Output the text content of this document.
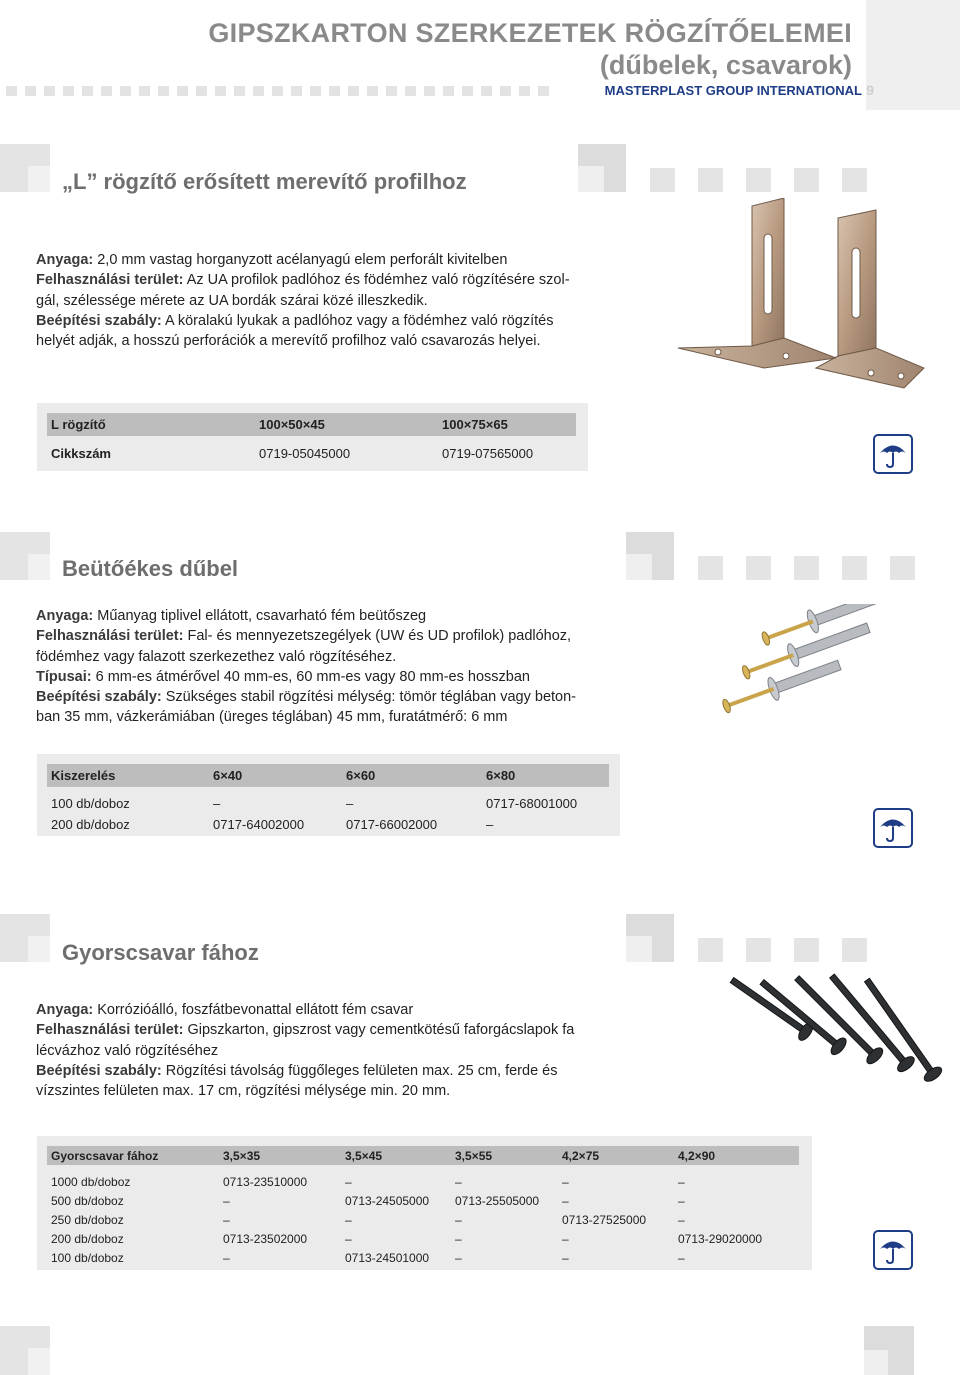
GIPSZKARTON SZERKEZETEK RÖGZÍTŐELEMEI
(dűbelek, csavarok)
MASTERPLAST GROUP INTERNATIONAL 9
„L” rögzítő erősített merevítő profilhoz
Anyaga: 2,0 mm vastag horganyzott acélanyagú elem perforált kivitelben
Felhasználási terület: Az UA profilok padlóhoz és födémhez való rögzítésére szol-
gál, szélessége mérete az UA bordák szárai közé illeszkedik.
Beépítési szabály: A köralakú lyukak a padlóhoz vagy a födémhez való rögzítés
helyét adják, a hosszú perforációk a merevítő profilhoz való csavarozás helyei.
L rögzítő	100×50×45	100×75×65
Cikkszám	0719-05045000	0719-07565000
Beütőékes dűbel
Anyaga: Műanyag tiplivel ellátott, csavarható fém beütőszeg
Felhasználási terület: Fal- és mennyezetszegélyek (UW és UD profilok) padlóhoz,
födémhez vagy falazott szerkezethez való rögzítéséhez.
Típusai: 6 mm-es átmérővel 40 mm-es, 60 mm-es vagy 80 mm-es hosszban
Beépítési szabály: Szükséges stabil rögzítési mélység: tömör téglában vagy beton-
ban 35 mm, vázkerámiában (üreges téglában) 45 mm, furatátmérő: 6 mm
Kiszerelés	6×40	6×60	6×80
100 db/doboz	–	–	0717-68001000
200 db/doboz	0717-64002000	0717-66002000	–
Gyorscsavar fához
Anyaga: Korrózióálló, foszfátbevonattal ellátott fém csavar
Felhasználási terület: Gipszkarton, gipszrost vagy cementkötésű faforgácslapok fa
lécvázhoz való rögzítéséhez
Beépítési szabály: Rögzítési távolság függőleges felületen max. 25 cm, ferde és
vízszintes felületen max. 17 cm, rögzítési mélysége min. 20 mm.
Gyorscsavar fához	3,5×35	3,5×45	3,5×55	4,2×75	4,2×90
1000 db/doboz	0713-23510000	–	–	–	–
500 db/doboz	–	0713-24505000	0713-25505000	–	–
250 db/doboz	–	–	–	0713-27525000	–
200 db/doboz	0713-23502000	–	–	–	0713-29020000
100 db/doboz	–	0713-24501000	–	–	–
